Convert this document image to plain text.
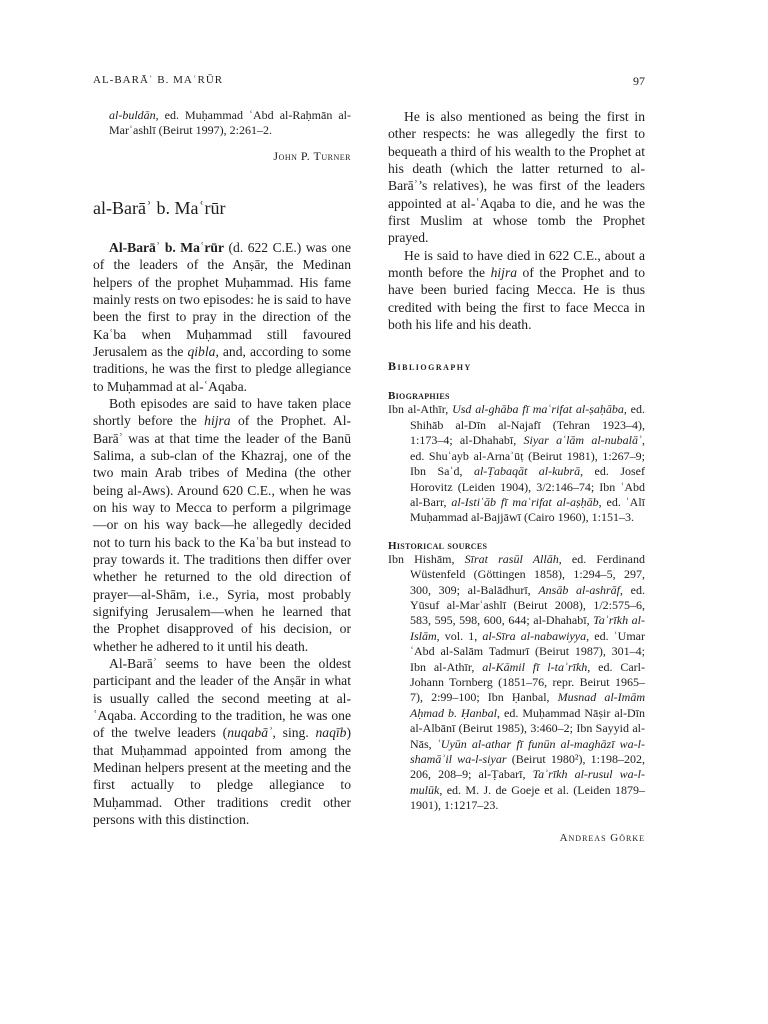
AL-BARĀʾ B. MAʿRŪR	97

al-buldān, ed. Muḥammad ʿAbd al-Raḥmān al-Marʿashlī (Beirut 1997), 2:261–2.

John P. Turner

al-Barāʾ b. Maʿrūr

Al-Barāʾ b. Maʿrūr (d. 622 C.E.) was one of the leaders of the Anṣār, the Medinan helpers of the prophet Muḥammad. His fame mainly rests on two episodes: he is said to have been the first to pray in the direction of the Kaʿba when Muḥammad still favoured Jerusalem as the qibla, and, according to some traditions, he was the first to pledge allegiance to Muḥammad at al-ʿAqaba.

Both episodes are said to have taken place shortly before the hijra of the Prophet. Al-Barāʾ was at that time the leader of the Banū Salima, a sub-clan of the Khazraj, one of the two main Arab tribes of Medina (the other being al-Aws). Around 620 C.E., when he was on his way to Mecca to perform a pilgrimage—or on his way back—he allegedly decided not to turn his back to the Kaʿba but instead to pray towards it. The traditions then differ over whether he returned to the old direction of prayer—al-Shām, i.e., Syria, most probably signifying Jerusalem—when he learned that the Prophet disapproved of his decision, or whether he adhered to it until his death.

Al-Barāʾ seems to have been the oldest participant and the leader of the Anṣār in what is usually called the second meeting at al-ʿAqaba. According to the tradition, he was one of the twelve leaders (nuqabāʾ, sing. naqīb) that Muḥammad appointed from among the Medinan helpers present at the meeting and the first actually to pledge allegiance to Muḥammad. Other traditions credit other persons with this distinction.

He is also mentioned as being the first in other respects: he was allegedly the first to bequeath a third of his wealth to the Prophet at his death (which the latter returned to al-Barāʾ’s relatives), he was first of the leaders appointed at al-ʿAqaba to die, and he was the first Muslim at whose tomb the Prophet prayed.

He is said to have died in 622 C.E., about a month before the hijra of the Prophet and to have been buried facing Mecca. He is thus credited with being the first to face Mecca in both his life and his death.

Bibliography
Biographies

Ibn al-Athīr, Usd al-ghāba fī maʿrifat al-ṣaḥāba, ed. Shihāb al-Dīn al-Najafī (Tehran 1923–4), 1:173–4; al-Dhahabī, Siyar aʿlām al-nubalāʾ, ed. Shuʿayb al-Arnaʾūṭ (Beirut 1981), 1:267–9; Ibn Saʿd, al-Ṭabaqāt al-kubrā, ed. Josef Horovitz (Leiden 1904), 3/2:146–74; Ibn ʿAbd al-Barr, al-Istiʿāb fī maʿrifat al-aṣḥāb, ed. ʿAlī Muḥammad al-Bajjāwī (Cairo 1960), 1:151–3.

Historical sources

Ibn Hishām, Sīrat rasūl Allāh, ed. Ferdinand Wüstenfeld (Göttingen 1858), 1:294–5, 297, 300, 309; al-Balādhurī, Ansāb al-ashrāf, ed. Yūsuf al-Marʿashlī (Beirut 2008), 1/2:575–6, 583, 595, 598, 600, 644; al-Dhahabī, Taʾrīkh al-Islām, vol. 1, al-Sīra al-nabawiyya, ed. ʿUmar ʿAbd al-Salām Tadmurī (Beirut 1987), 301–4; Ibn al-Athīr, al-Kāmil fī l-taʾrīkh, ed. Carl-Johann Tornberg (1851–76, repr. Beirut 1965–7), 2:99–100; Ibn Ḥanbal, Musnad al-Imām Aḥmad b. Ḥanbal, ed. Muḥammad Nāṣir al-Dīn al-Albānī (Beirut 1985), 3:460–2; Ibn Sayyid al-Nās, ʿUyūn al-athar fī funūn al-maghāzī wa-l-shamāʾil wa-l-siyar (Beirut 1980²), 1:198–202, 206, 208–9; al-Ṭabarī, Taʾrīkh al-rusul wa-l-mulūk, ed. M. J. de Goeje et al. (Leiden 1879–1901), 1:1217–23.

Andreas Görke
